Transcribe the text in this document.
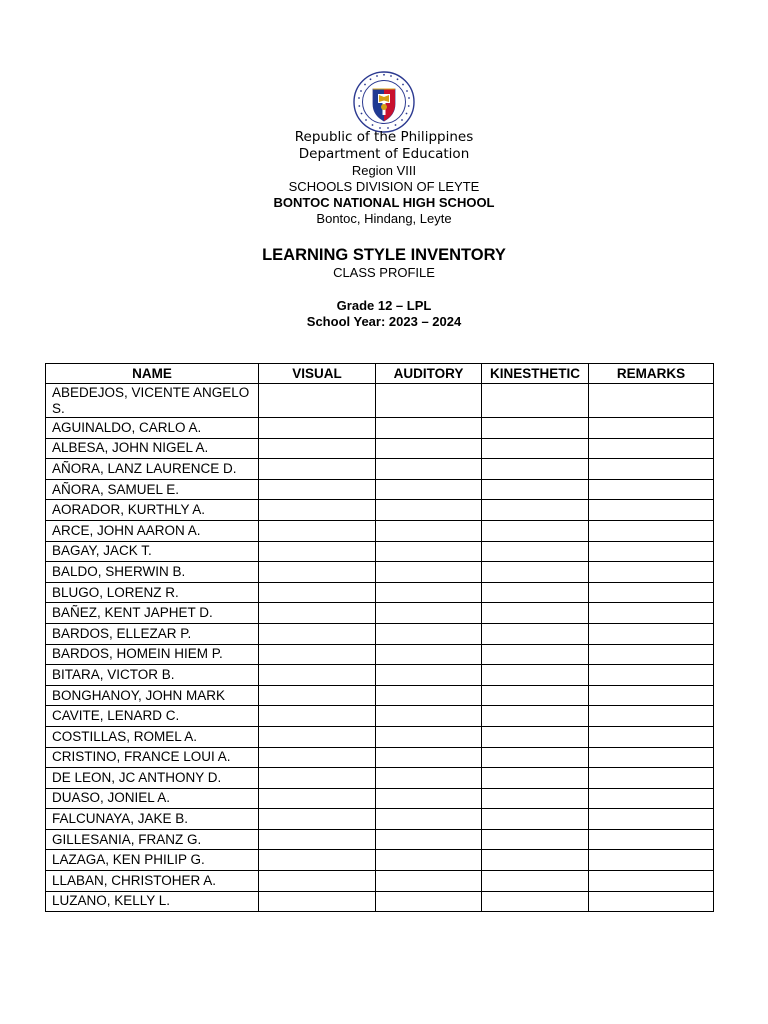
Republic of the Philippines
Department of Education
Region VIII
SCHOOLS DIVISION OF LEYTE
BONTOC NATIONAL HIGH SCHOOL
Bontoc, Hindang, Leyte
LEARNING STYLE INVENTORY
CLASS PROFILE
Grade 12 – LPL
School Year: 2023 – 2024
NAME	VISUAL	AUDITORY	KINESTHETIC	REMARKS
ABEDEJOS, VICENTE ANGELO S.				
AGUINALDO, CARLO A.				
ALBESA, JOHN NIGEL A.				
AÑORA, LANZ LAURENCE D.				
AÑORA, SAMUEL E.				
AORADOR, KURTHLY A.				
ARCE, JOHN AARON A.				
BAGAY, JACK T.				
BALDO, SHERWIN B.				
BLUGO, LORENZ R.				
BAÑEZ, KENT JAPHET D.				
BARDOS, ELLEZAR P.				
BARDOS, HOMEIN HIEM P.				
BITARA, VICTOR B.				
BONGHANOY, JOHN MARK				
CAVITE, LENARD C.				
COSTILLAS, ROMEL A.				
CRISTINO, FRANCE LOUI A.				
DE LEON, JC ANTHONY D.				
DUASO, JONIEL A.				
FALCUNAYA, JAKE B.				
GILLESANIA, FRANZ G.				
LAZAGA, KEN PHILIP G.				
LLABAN, CHRISTOHER A.				
LUZANO, KELLY L.				
